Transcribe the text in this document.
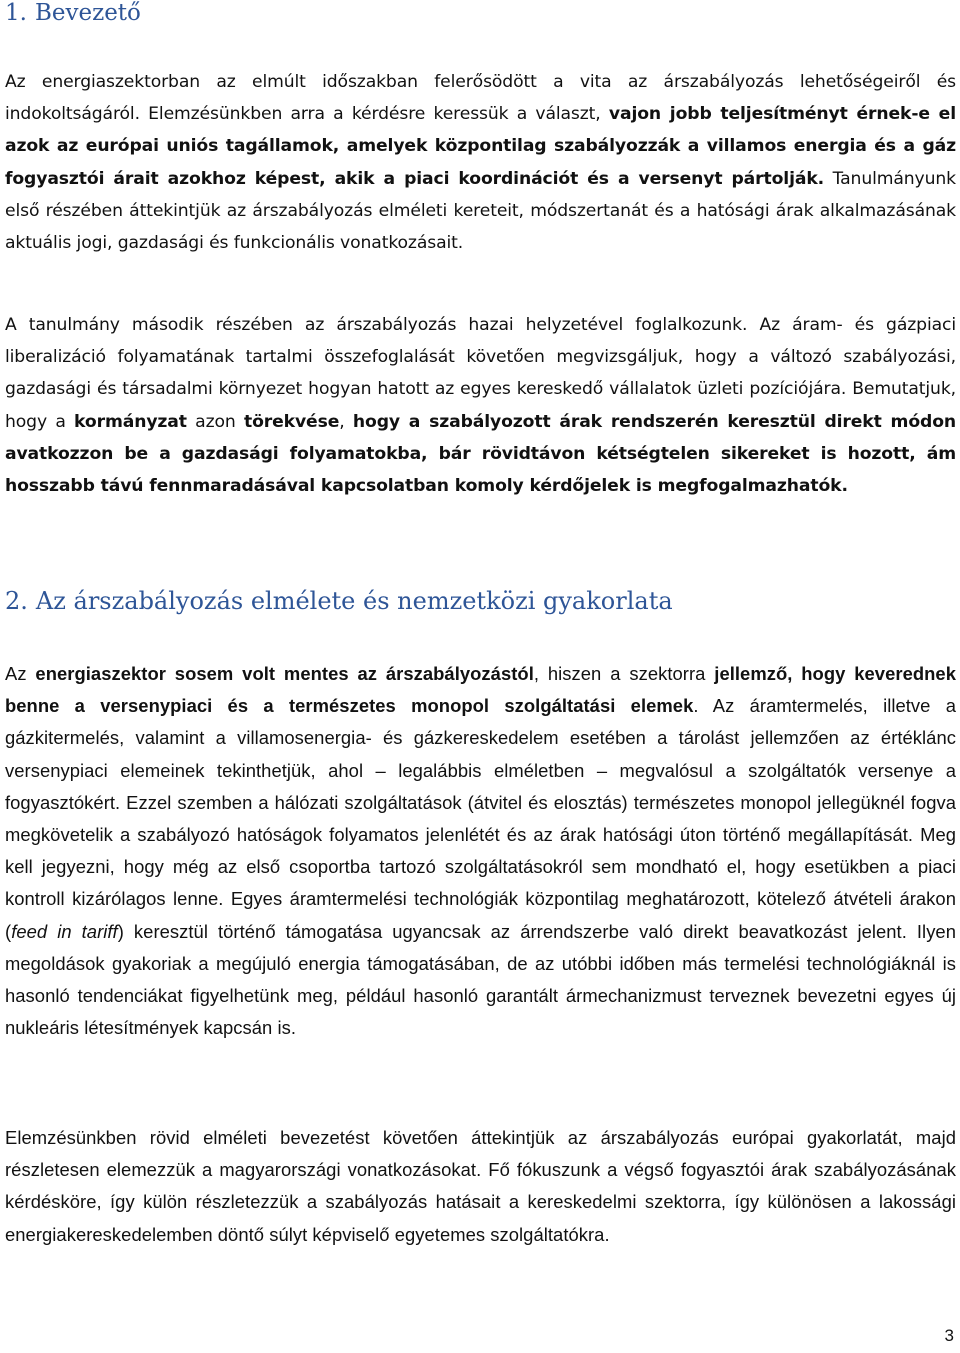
1. Bevezető

Az energiaszektorban az elmúlt időszakban felerősödött a vita az árszabályozás lehetőségeiről és indokoltságáról. Elemzésünkben arra a kérdésre keressük a választ, vajon jobb teljesítményt érnek-e el azok az európai uniós tagállamok, amelyek központilag szabályozzák a villamos energia és a gáz fogyasztói árait azokhoz képest, akik a piaci koordinációt és a versenyt pártolják. Tanulmányunk első részében áttekintjük az árszabályozás elméleti kereteit, módszertanát és a hatósági árak alkalmazásának aktuális jogi, gazdasági és funkcionális vonatkozásait.

A tanulmány második részében az árszabályozás hazai helyzetével foglalkozunk. Az áram- és gázpiaci liberalizáció folyamatának tartalmi összefoglalását követően megvizsgáljuk, hogy a változó szabályozási, gazdasági és társadalmi környezet hogyan hatott az egyes kereskedő vállalatok üzleti pozíciójára. Bemutatjuk, hogy a kormányzat azon törekvése, hogy a szabályozott árak rendszerén keresztül direkt módon avatkozzon be a gazdasági folyamatokba, bár rövidtávon kétségtelen sikereket is hozott, ám hosszabb távú fennmaradásával kapcsolatban komoly kérdőjelek is megfogalmazhatók.

2. Az árszabályozás elmélete és nemzetközi gyakorlata

Az energiaszektor sosem volt mentes az árszabályozástól, hiszen a szektorra jellemző, hogy keverednek benne a versenypiaci és a természetes monopol szolgáltatási elemek. Az áramtermelés, illetve a gázkitermelés, valamint a villamosenergia- és gázkereskedelem esetében a tárolást jellemzően az értéklánc versenypiaci elemeinek tekinthetjük, ahol – legalábbis elméletben – megvalósul a szolgáltatók versenye a fogyasztókért. Ezzel szemben a hálózati szolgáltatások (átvitel és elosztás) természetes monopol jellegüknél fogva megkövetelik a szabályozó hatóságok folyamatos jelenlétét és az árak hatósági úton történő megállapítását. Meg kell jegyezni, hogy még az első csoportba tartozó szolgáltatásokról sem mondható el, hogy esetükben a piaci kontroll kizárólagos lenne. Egyes áramtermelési technológiák központilag meghatározott, kötelező átvételi árakon (feed in tariff) keresztül történő támogatása ugyancsak az árrendszerbe való direkt beavatkozást jelent. Ilyen megoldások gyakoriak a megújuló energia támogatásában, de az utóbbi időben más termelési technológiáknál is hasonló tendenciákat figyelhetünk meg, például hasonló garantált ármechanizmust terveznek bevezetni egyes új nukleáris létesítmények kapcsán is.

Elemzésünkben rövid elméleti bevezetést követően áttekintjük az árszabályozás európai gyakorlatát, majd részletesen elemezzük a magyarországi vonatkozásokat. Fő fókuszunk a végső fogyasztói árak szabályozásának kérdésköre, így külön részletezzük a szabályozás hatásait a kereskedelmi szektorra, így különösen a lakossági energiakereskedelemben döntő súlyt képviselő egyetemes szolgáltatókra.

3
